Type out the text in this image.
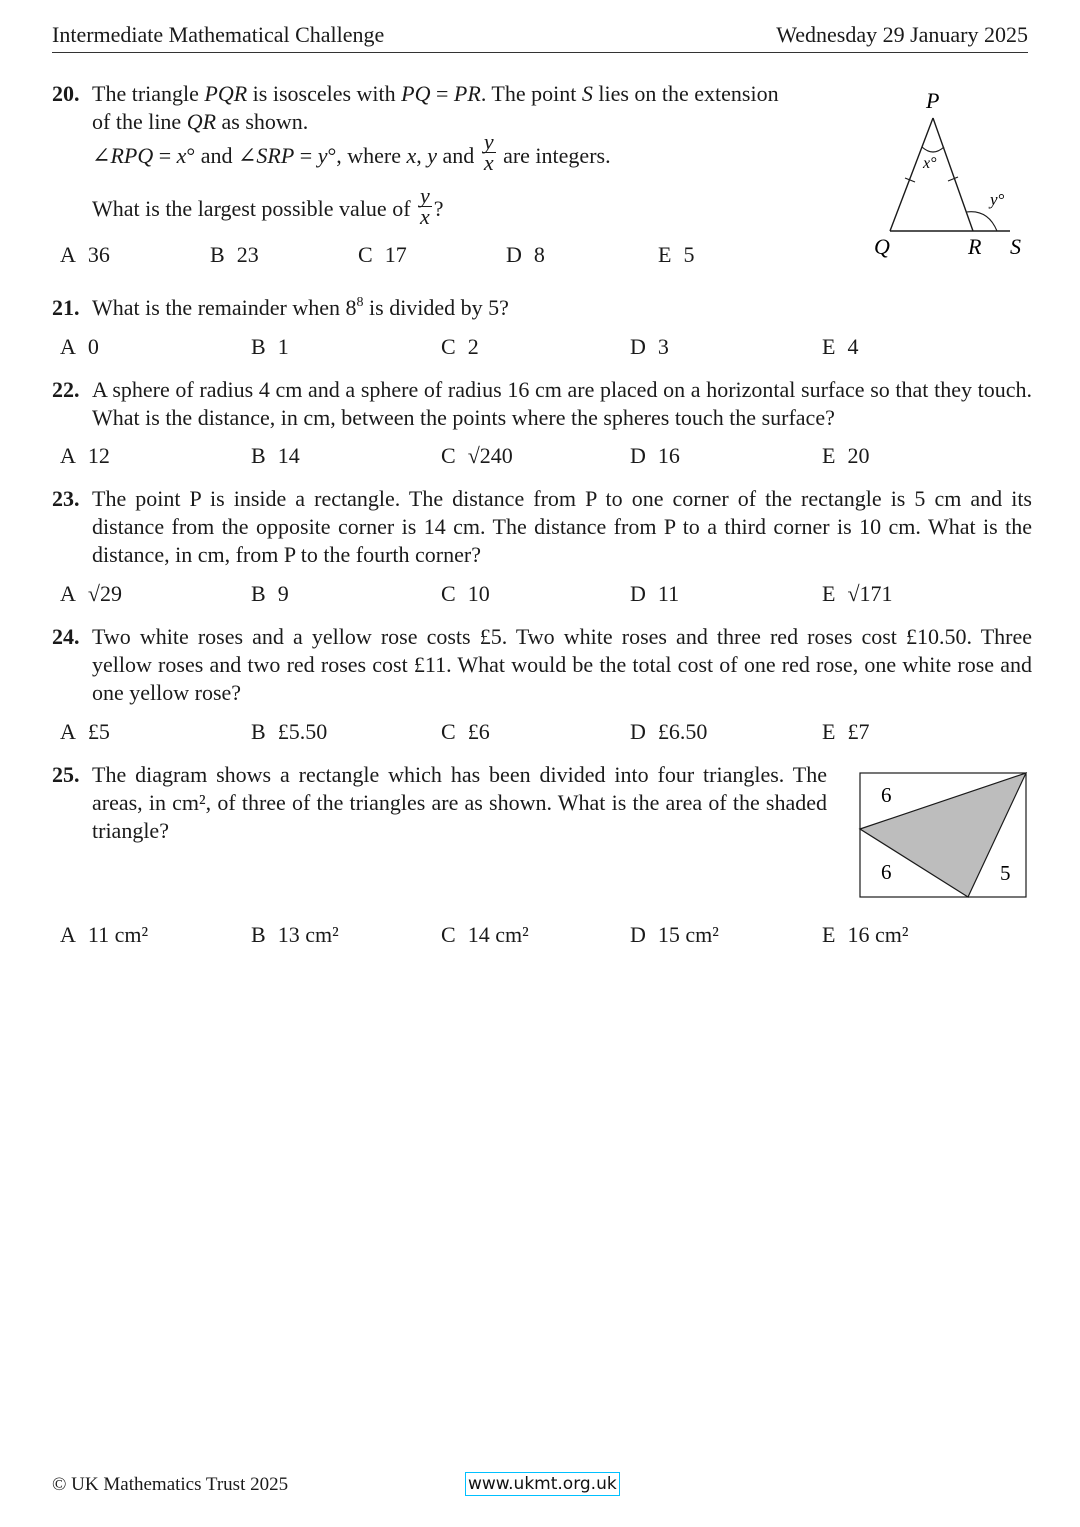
Intermediate Mathematical Challenge	Wednesday 29 January 2025
20. The triangle PQR is isosceles with PQ = PR. The point S lies on the extension
of the line QR as shown.
∠RPQ = x° and ∠SRP = y°, where x, y and $\frac{y}{x}$ are integers.
What is the largest possible value of $\frac{y}{x}$ ?
A 36	B 23	C 17	D 8	E 5
P
Q	R S
x°
y°
21. What is the remainder when $8^8$ is divided by 5?
A 0	B 1	C 2	D 3	E 4
22. A sphere of radius 4 cm and a sphere of radius 16 cm are placed on a horizontal surface so that they touch. What is the distance, in cm, between the points where the spheres touch the surface?
A 12	B 14	C √240	D 16	E 20
23. The point P is inside a rectangle. The distance from P to one corner of the rectangle is 5 cm and its distance from the opposite corner is 14 cm. The distance from P to a third corner is 10 cm. What is the distance, in cm, from P to the fourth corner?
A √29	B 9	C 10	D 11	E √171
24. Two white roses and a yellow rose costs £5. Two white roses and three red roses cost £10.50. Three yellow roses and two red roses cost £11. What would be the total cost of one red rose, one white rose and one yellow rose?
A £5	B £5.50	C £6	D £6.50	E £7
25. The diagram shows a rectangle which has been divided into four triangles. The areas, in cm², of three of the triangles are as shown. What is the area of the shaded triangle?
6
6	5
A 11 cm²	B 13 cm²	C 14 cm²	D 15 cm²	E 16 cm²
© UK Mathematics Trust 2025	www.ukmt.org.uk
